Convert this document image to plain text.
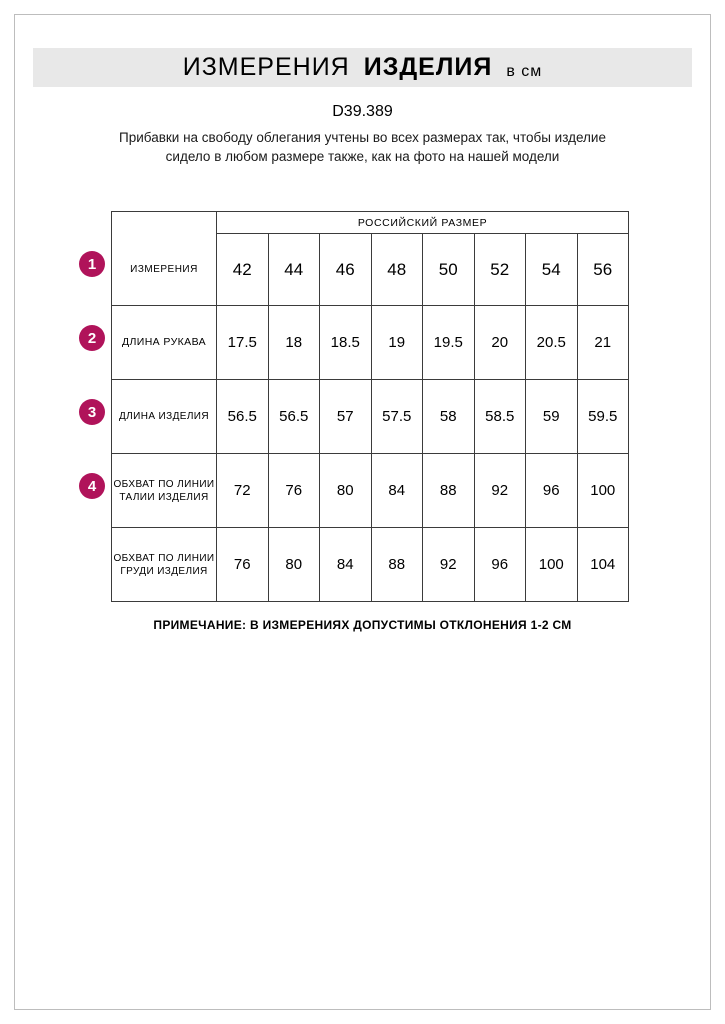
ИЗМЕРЕНИЯ ИЗДЕЛИЯ в см
D39.389
Прибавки на свободу облегания учтены во всех размерах так, чтобы изделие сидело в любом размере также, как на фото на нашей модели
1
2
3
4
	РОССИЙСКИЙ РАЗМЕР							
ИЗМЕРЕНИЯ	42	44	46	48	50	52	54	56
ДЛИНА РУКАВА	17.5	18	18.5	19	19.5	20	20.5	21
ДЛИНА ИЗДЕЛИЯ	56.5	56.5	57	57.5	58	58.5	59	59.5
ОБХВАТ ПО ЛИНИИ ТАЛИИ ИЗДЕЛИЯ	72	76	80	84	88	92	96	100
ОБХВАТ ПО ЛИНИИ ГРУДИ ИЗДЕЛИЯ	76	80	84	88	92	96	100	104
ПРИМЕЧАНИЕ: В ИЗМЕРЕНИЯХ ДОПУСТИМЫ ОТКЛОНЕНИЯ 1-2 СМ
